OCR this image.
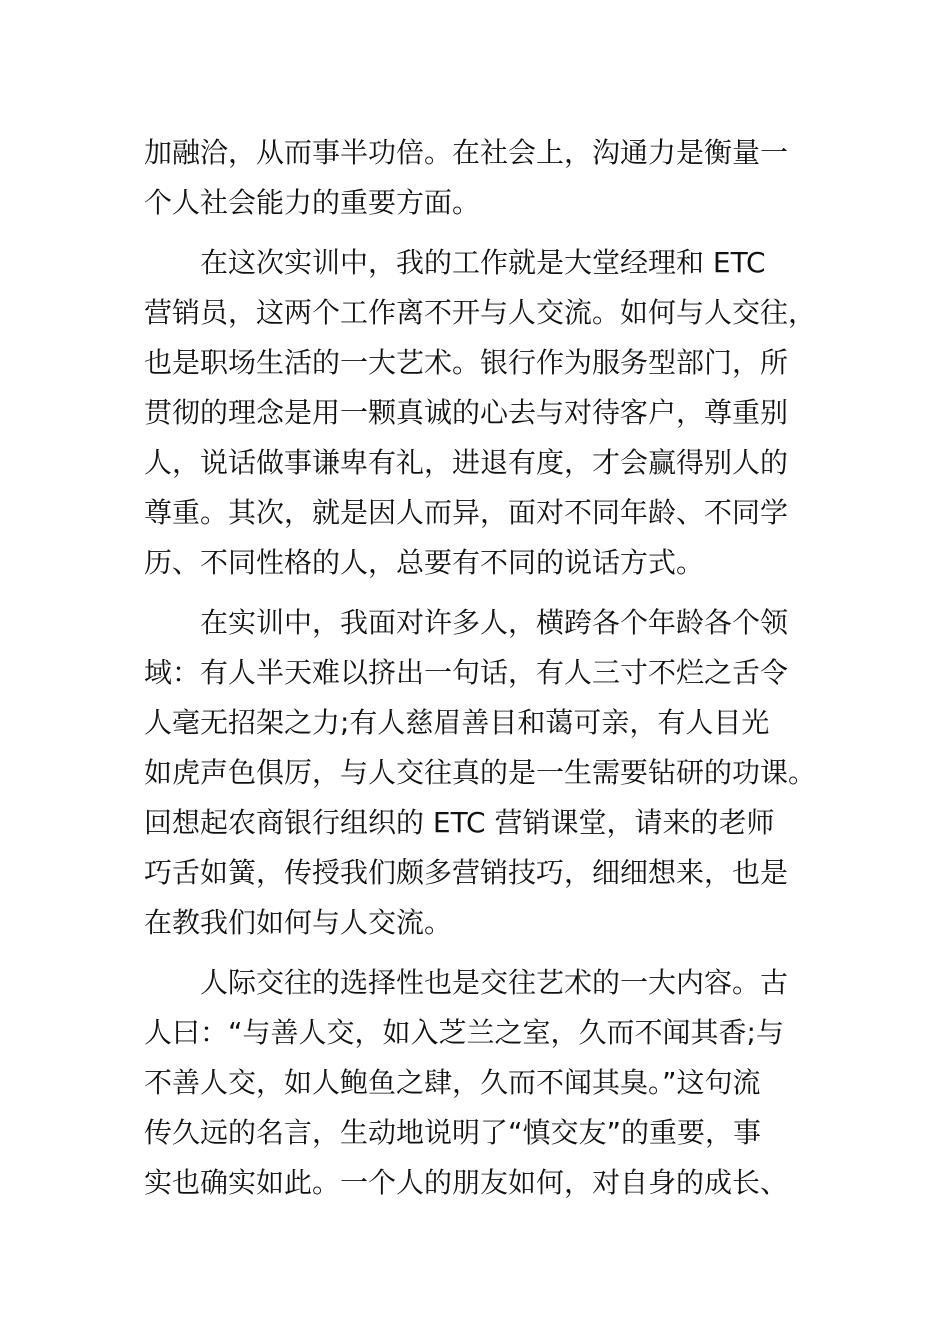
加融洽，从而事半功倍。在社会上，沟通力是衡量一
个人社会能力的重要方面。
　　在这次实训中，我的工作就是大堂经理和 ETC
营销员，这两个工作离不开与人交流。如何与人交往，
也是职场生活的一大艺术。银行作为服务型部门，所
贯彻的理念是用一颗真诚的心去与对待客户，尊重别
人，说话做事谦卑有礼，进退有度，才会赢得别人的
尊重。其次，就是因人而异，面对不同年龄、不同学
历、不同性格的人，总要有不同的说话方式。
　　在实训中，我面对许多人，横跨各个年龄各个领
域：有人半天难以挤出一句话，有人三寸不烂之舌令
人毫无招架之力;有人慈眉善目和蔼可亲，有人目光
如虎声色俱厉，与人交往真的是一生需要钻研的功课。
回想起农商银行组织的 ETC 营销课堂，请来的老师
巧舌如簧，传授我们颇多营销技巧，细细想来，也是
在教我们如何与人交流。
　　人际交往的选择性也是交往艺术的一大内容。古
人曰：“与善人交，如入芝兰之室，久而不闻其香;与
不善人交，如人鲍鱼之肆，久而不闻其臭。”这句流
传久远的名言，生动地说明了“慎交友”的重要，事
实也确实如此。一个人的朋友如何，对自身的成长、
